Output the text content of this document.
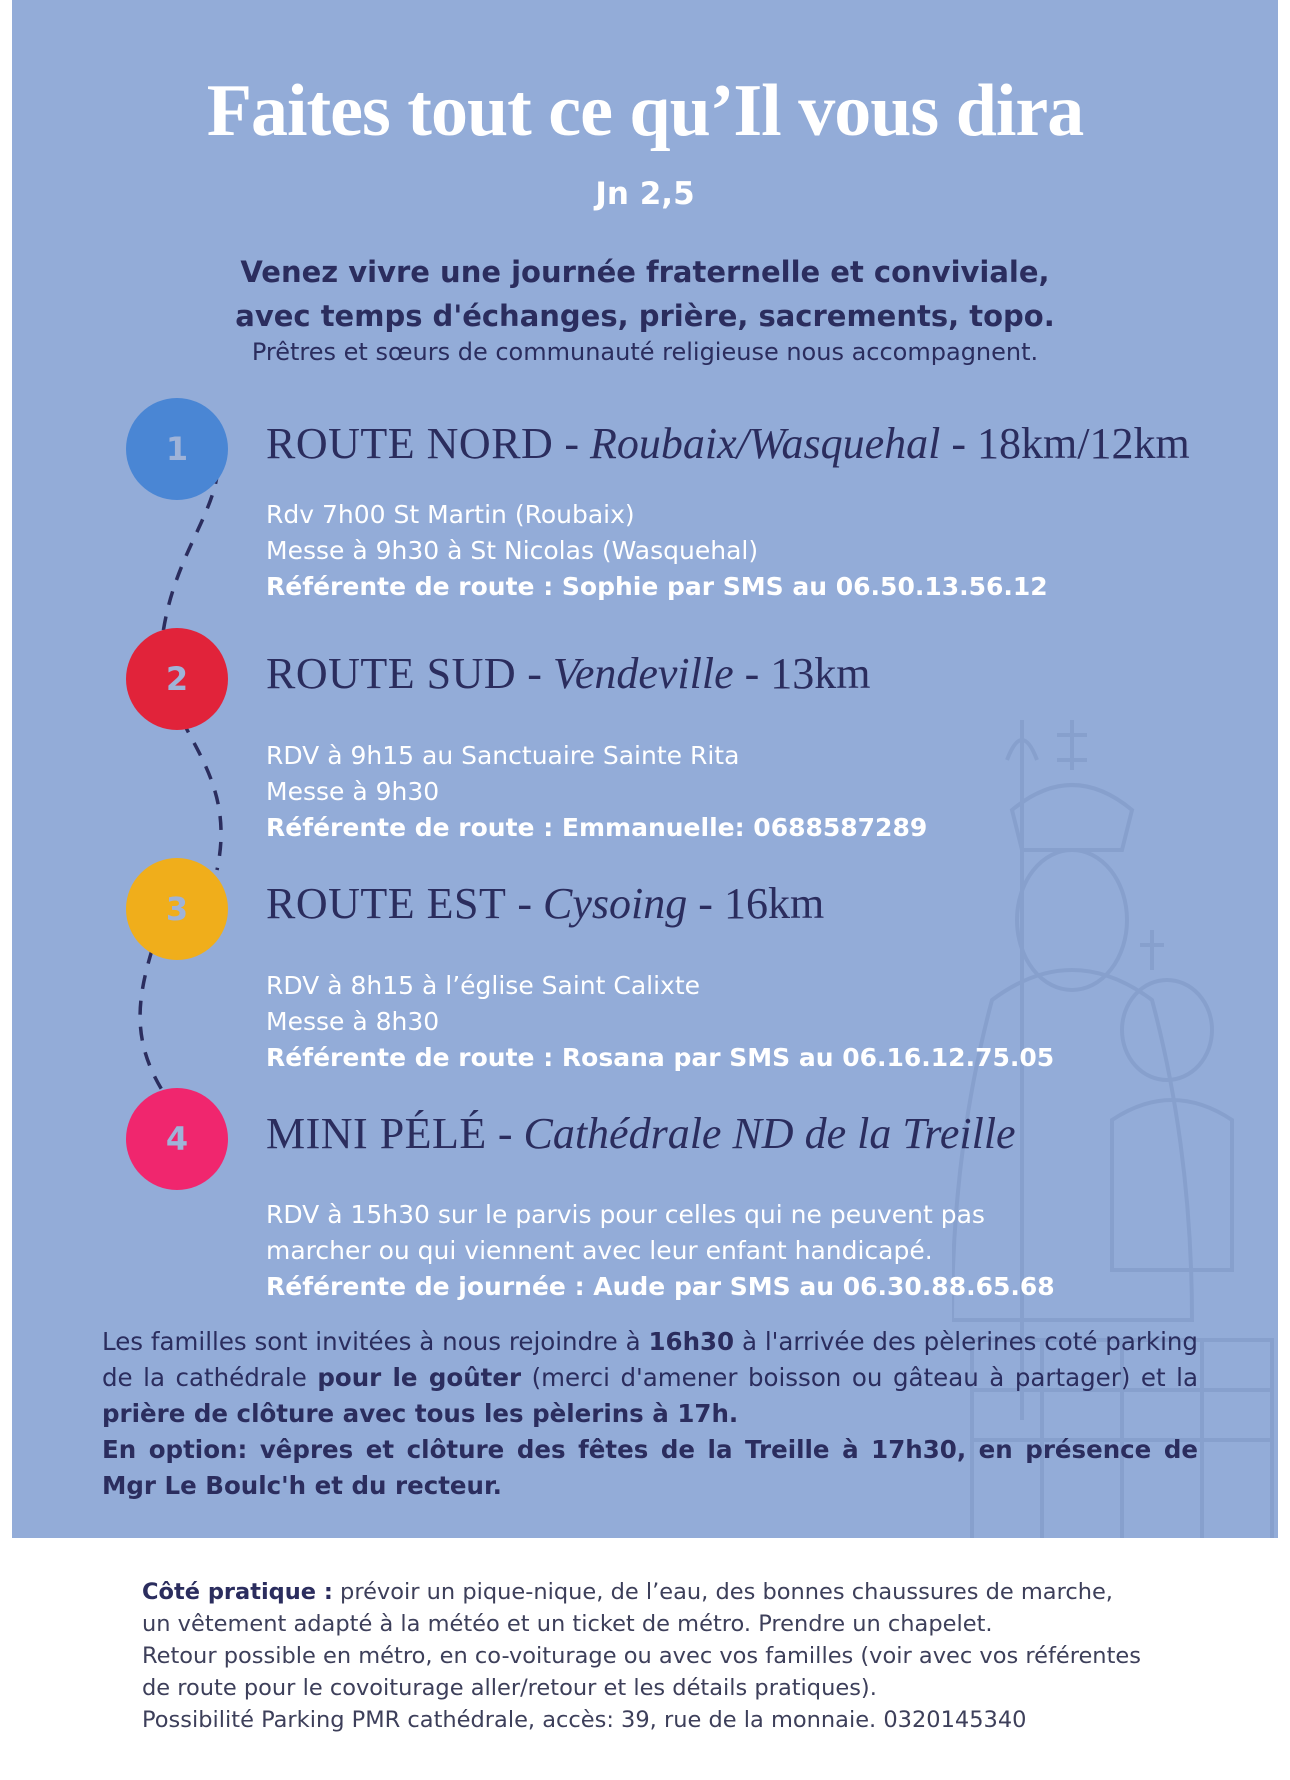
Faites tout ce qu’Il vous dira
Jn 2,5
Venez vivre une journée fraternelle et conviviale,
avec temps d'échanges, prière, sacrements, topo.
Prêtres et sœurs de communauté religieuse nous accompagnent.
1	ROUTE NORD - Roubaix/Wasquehal - 18km/12km
Rdv 7h00 St Martin (Roubaix)
Messe à 9h30 à St Nicolas (Wasquehal)
Référente de route : Sophie par SMS au 06.50.13.56.12
2	ROUTE SUD - Vendeville - 13km
RDV à 9h15 au Sanctuaire Sainte Rita
Messe à 9h30
Référente de route : Emmanuelle: 0688587289
3	ROUTE EST - Cysoing - 16km
RDV à 8h15 à l’église Saint Calixte
Messe à 8h30
Référente de route : Rosana par SMS au 06.16.12.75.05
4	MINI PÉLÉ - Cathédrale ND de la Treille
RDV à 15h30 sur le parvis pour celles qui ne peuvent pas
marcher ou qui viennent avec leur enfant handicapé.
Référente de journée : Aude par SMS au 06.30.88.65.68
Les familles sont invitées à nous rejoindre à 16h30 à l'arrivée des pèlerines coté parking de la cathédrale pour le goûter (merci d'amener boisson ou gâteau à partager) et la prière de clôture avec tous les pèlerins à 17h.
En option: vêpres et clôture des fêtes de la Treille à 17h30, en présence de Mgr Le Boulc'h et du recteur.
Côté pratique : prévoir un pique-nique, de l’eau, des bonnes chaussures de marche,
un vêtement adapté à la météo et un ticket de métro. Prendre un chapelet.
Retour possible en métro, en co-voiturage ou avec vos familles (voir avec vos référentes de route pour le covoiturage aller/retour et les détails pratiques).
Possibilité Parking PMR cathédrale, accès: 39, rue de la monnaie. 0320145340
